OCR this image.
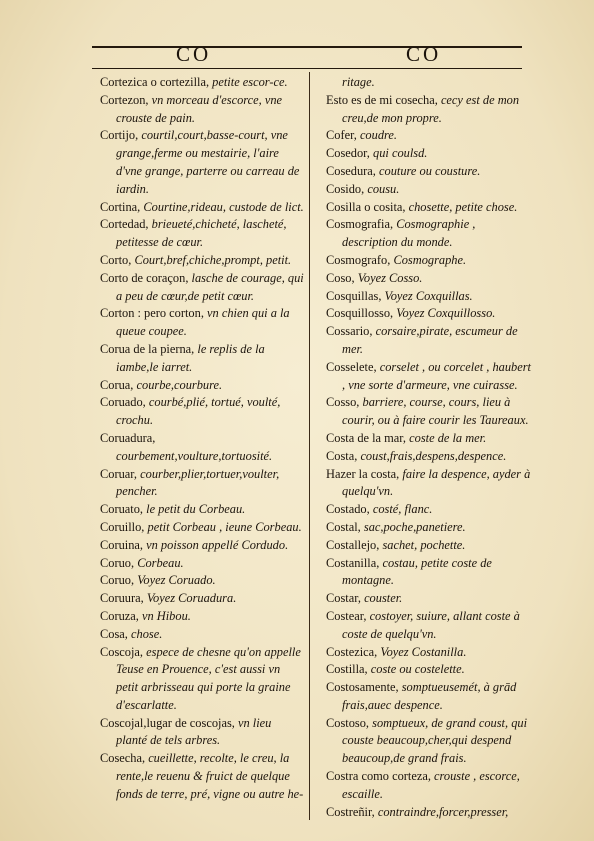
CO	CO

Cortezica o cortezilla, petite escor-ce.

Cortezon, vn morceau d'escorce, vne crouste de pain.

Cortijo, courtil,court,basse-court, vne grange,ferme ou mestairie, l'aire d'vne grange, parterre ou carreau de iardin.

Cortina, Courtine,rideau, custode de lict.

Cortedad, brieueté,chicheté, lascheté, petitesse de cœur.

Corto, Court,bref,chiche,prompt, petit.

Corto de coraçon, lasche de courage, qui a peu de cœur,de petit cœur.

Corton : pero corton, vn chien qui a la queue coupee.

Corua de la pierna, le replis de la iambe,le iarret.

Corua, courbe,courbure.

Coruado, courbé,plié, tortué, voulté, crochu.

Coruadura, courbement,voulture,tortuosité.

Coruar, courber,plier,tortuer,voulter, pencher.

Coruato, le petit du Corbeau.

Coruillo, petit Corbeau , ieune Corbeau.

Coruina, vn poisson appellé Cordudo.

Coruo, Corbeau.

Coruo, Voyez Coruado.

Coruura, Voyez Coruadura.

Coruza, vn Hibou.

Cosa, chose.

Coscoja, espece de chesne qu'on appelle Teuse en Prouence, c'est aussi vn petit arbrisseau qui porte la graine d'escarlatte.

Coscojal,lugar de coscojas, vn lieu planté de tels arbres.

Cosecha, cueillette, recolte, le creu, la rente,le reuenu & fruict de quelque fonds de terre, pré, vigne ou autre he-

ritage.

Esto es de mi cosecha, cecy est de mon creu,de mon propre.

Cofer, coudre.

Cosedor, qui coulsd.

Cosedura, couture ou cousture.

Cosido, cousu.

Cosilla o cosita, chosette, petite chose.

Cosmografia, Cosmographie , description du monde.

Cosmografo, Cosmographe.

Coso, Voyez Cosso.

Cosquillas, Voyez Coxquillas.

Cosquillosso, Voyez Coxquillosso.

Cossario, corsaire,pirate, escumeur de mer.

Cosselete, corselet , ou corcelet , haubert , vne sorte d'armeure, vne cuirasse.

Cosso, barriere, course, cours, lieu à courir, ou à faire courir les Taureaux.

Costa de la mar, coste de la mer.

Costa, coust,frais,despens,despence.

Hazer la costa, faire la despence, ayder à quelqu'vn.

Costado, costé, flanc.

Costal, sac,poche,panetiere.

Costallejo, sachet, pochette.

Costanilla, costau, petite coste de montagne.

Costar, couster.

Costear, costoyer, suiure, allant coste à coste de quelqu'vn.

Costezica, Voyez Costanilla.

Costilla, coste ou costelette.

Costosamente, somptueusemét, à grād frais,auec despence.

Costoso, somptueux, de grand coust, qui couste beaucoup,cher,qui despend beaucoup,de grand frais.

Costra como corteza, crouste , escorce, escaille.

Costreñir, contraindre,forcer,presser,
